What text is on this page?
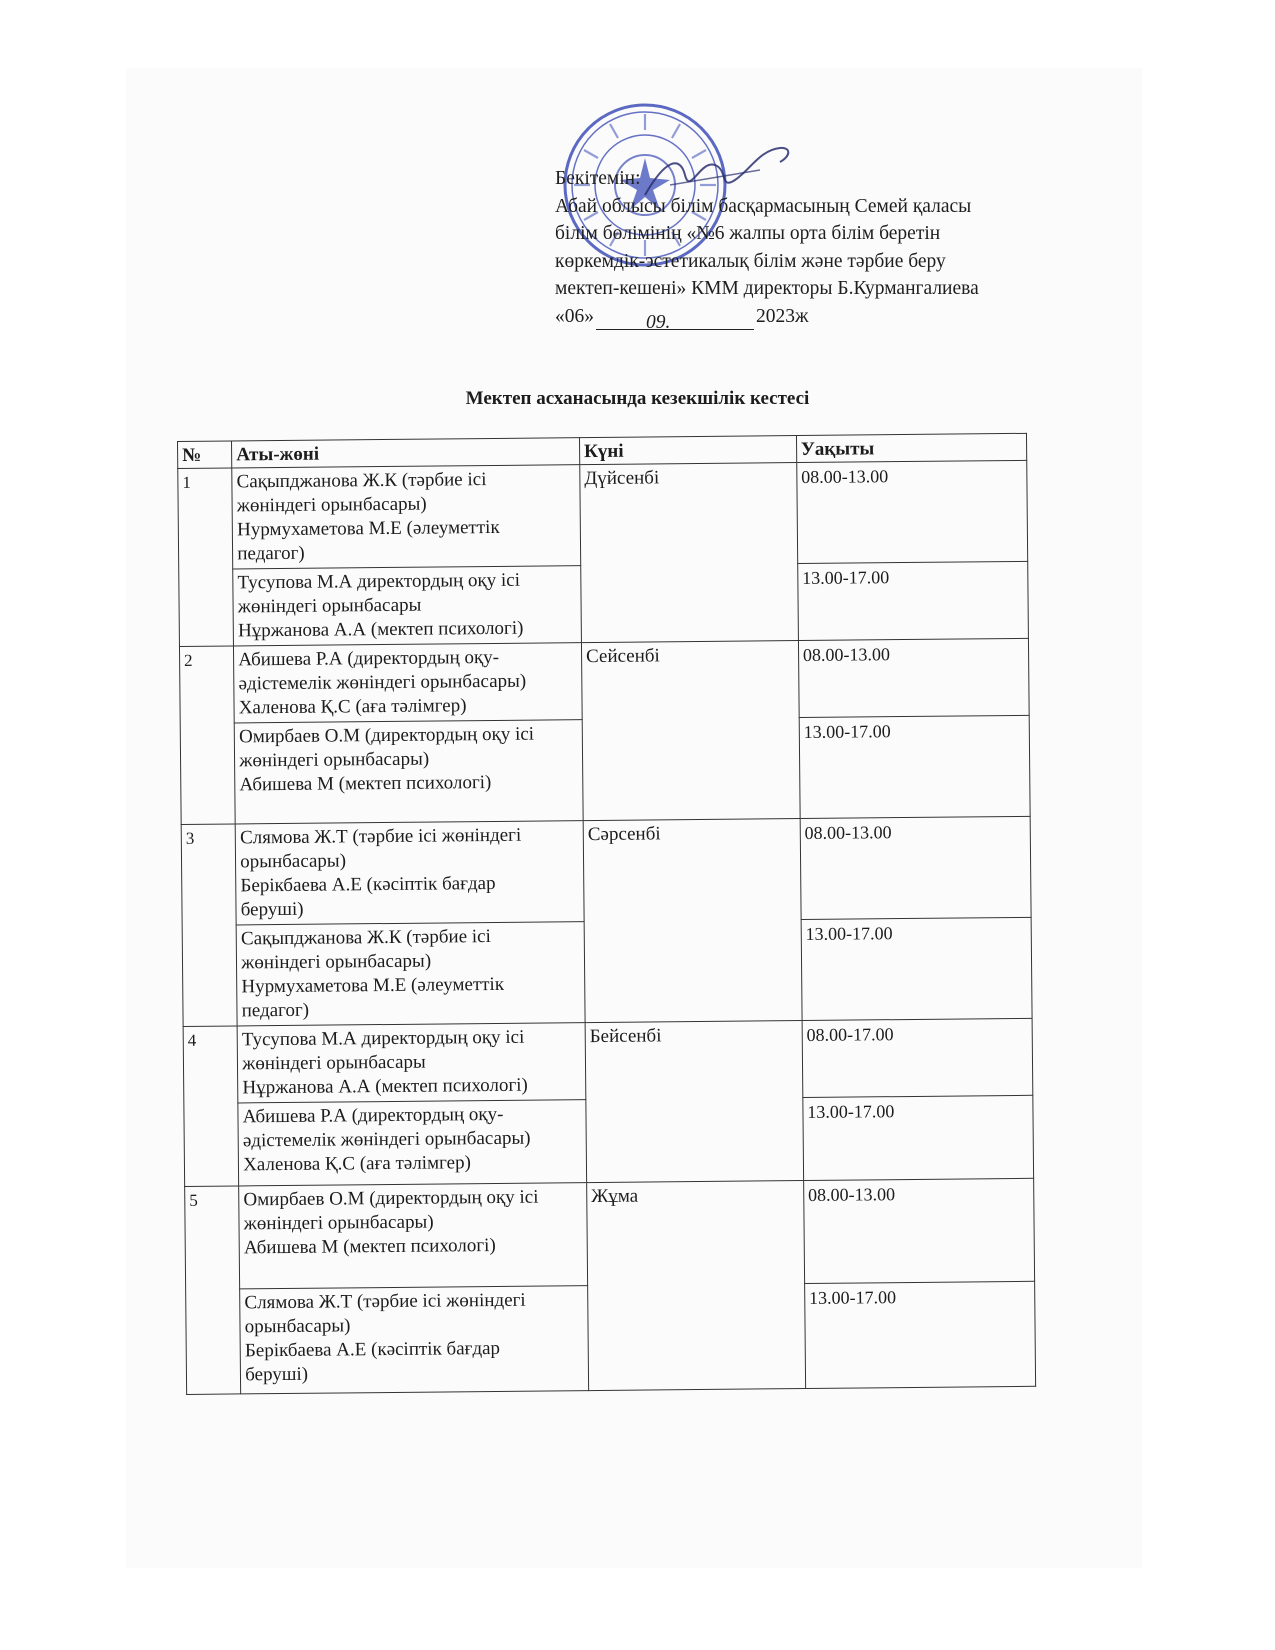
Бекітемін:
Абай облысы білім басқармасының Семей қаласы
білім бөлімінің «№6 жалпы орта білім беретін
көркемдік-эстетикалық білім және тәрбие беру
мектеп-кешені» КММ директоры Б.Курмангалиева
«06»	09.	2023ж
Мектеп асханасында кезекшілік кестесі
№	Аты-жөні	Күні	Уақыты
1	Сақыпджанова Ж.К (тәрбие ісі
жөніндегі орынбасары)
Нурмухаметова М.Е (әлеуметтік
педагог)	Дүйсенбі	08.00-13.00

	Тусупова М.А директордың оқу ісі
жөніндегі орынбасары
Нұржанова А.А (мектеп психологі)		13.00-17.00

2	Абишева Р.А (директордың оқу-
әдістемелік жөніндегі орынбасары)
Халенова Қ.С (аға тәлімгер)	Сейсенбі	08.00-13.00

	Омирбаев О.М (директордың оқу ісі
жөніндегі орынбасары)
Абишева М (мектеп психологі)		13.00-17.00

3	Слямова Ж.Т (тәрбие ісі жөніндегі
орынбасары)
Берікбаева А.Е (кәсіптік бағдар
беруші)	Сәрсенбі	08.00-13.00

	Сақыпджанова Ж.К (тәрбие ісі
жөніндегі орынбасары)
Нурмухаметова М.Е (әлеуметтік
педагог)		13.00-17.00

4	Тусупова М.А директордың оқу ісі
жөніндегі орынбасары
Нұржанова А.А (мектеп психологі)	Бейсенбі	08.00-17.00

	Абишева Р.А (директордың оқу-
әдістемелік жөніндегі орынбасары)
Халенова Қ.С (аға тәлімгер)		13.00-17.00

5	Омирбаев О.М (директордың оқу ісі
жөніндегі орынбасары)
Абишева М (мектеп психологі)	Жұма	08.00-13.00

	Слямова Ж.Т (тәрбие ісі жөніндегі
орынбасары)
Берікбаева А.Е (кәсіптік бағдар
беруші)		13.00-17.00
